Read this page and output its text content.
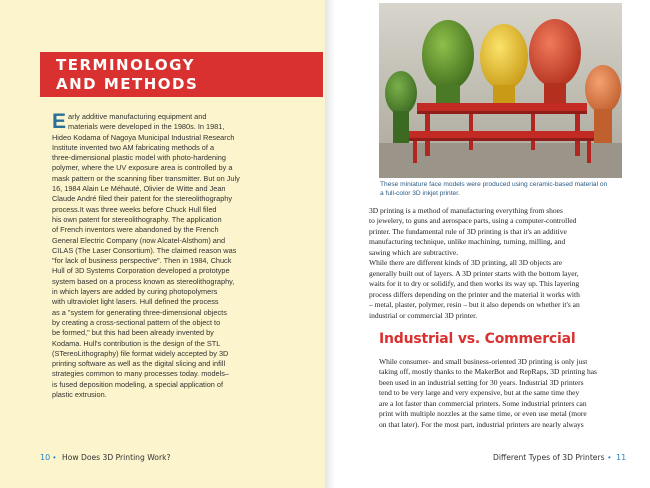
TERMINOLOGY
AND METHODS
E arly additive manufacturing equipment and
materials were developed in the 1980s. In 1981,
Hideo Kodama of Nagoya Municipal Industrial Research
Institute invented two AM fabricating methods of a
three-dimensional plastic model with photo-hardening
polymer, where the UV exposure area is controlled by a
mask pattern or the scanning fiber transmitter. But on July
16, 1984 Alain Le Méhauté, Olivier de Witte and Jean
Claude André filed their patent for the stereolithography
process.It was three weeks before Chuck Hull filed
his own patent for stereolithography. The application
of French inventors were abandoned by the French
General Electric Company (now Alcatel-Alsthom) and
CILAS (The Laser Consortium). The claimed reason was
"for lack of business perspective". Then in 1984, Chuck
Hull of 3D Systems Corporation developed a prototype
system based on a process known as stereolithography,
in which layers are added by curing photopolymers
with ultraviolet light lasers. Hull defined the process
as a "system for generating three-dimensional objects
by creating a cross-sectional pattern of the object to
be formed," but this had been already invented by
Kodama. Hull's contribution is the design of the STL
(STereoLithography) file format widely accepted by 3D
printing software as well as the digital slicing and infill
strategies common to many processes today. models–
is fused deposition modeling, a special application of
plastic extrusion.
10 • How Does 3D Printing Work?
These miniature face models were produced using ceramic-based material on
a full-color 3D inkjet printer.
3D printing is a method of manufacturing everything from shoes
to jewelery, to guns and aerospace parts, using a computer-controlled
printer. The fundamental rule of 3D printing is that it's an additive
manufacturing technique, unlike machining, turning, milling, and
sawing which are subtractive.
While there are different kinds of 3D printing, all 3D objects are
generally built out of layers. A 3D printer starts with the bottom layer,
waits for it to dry or solidify, and then works its way up. This layering
process differs depending on the printer and the material it works with
– metal, plaster, polymer, resin – but it also depends on whether it's an
industrial or commercial 3D printer.
Industrial vs. Commercial
While consumer- and small business-oriented 3D printing is only just
taking off, mostly thanks to the MakerBot and RepRaps, 3D printing has
been used in an industrial setting for 30 years. Industrial 3D printers
tend to be very large and very expensive, but at the same time they
are a lot faster than commercial printers. Some industrial printers can
print with multiple nozzles at the same time, or even use metal (more
on that later). For the most part, industrial printers are nearly always
Different Types of 3D Printers • 11
